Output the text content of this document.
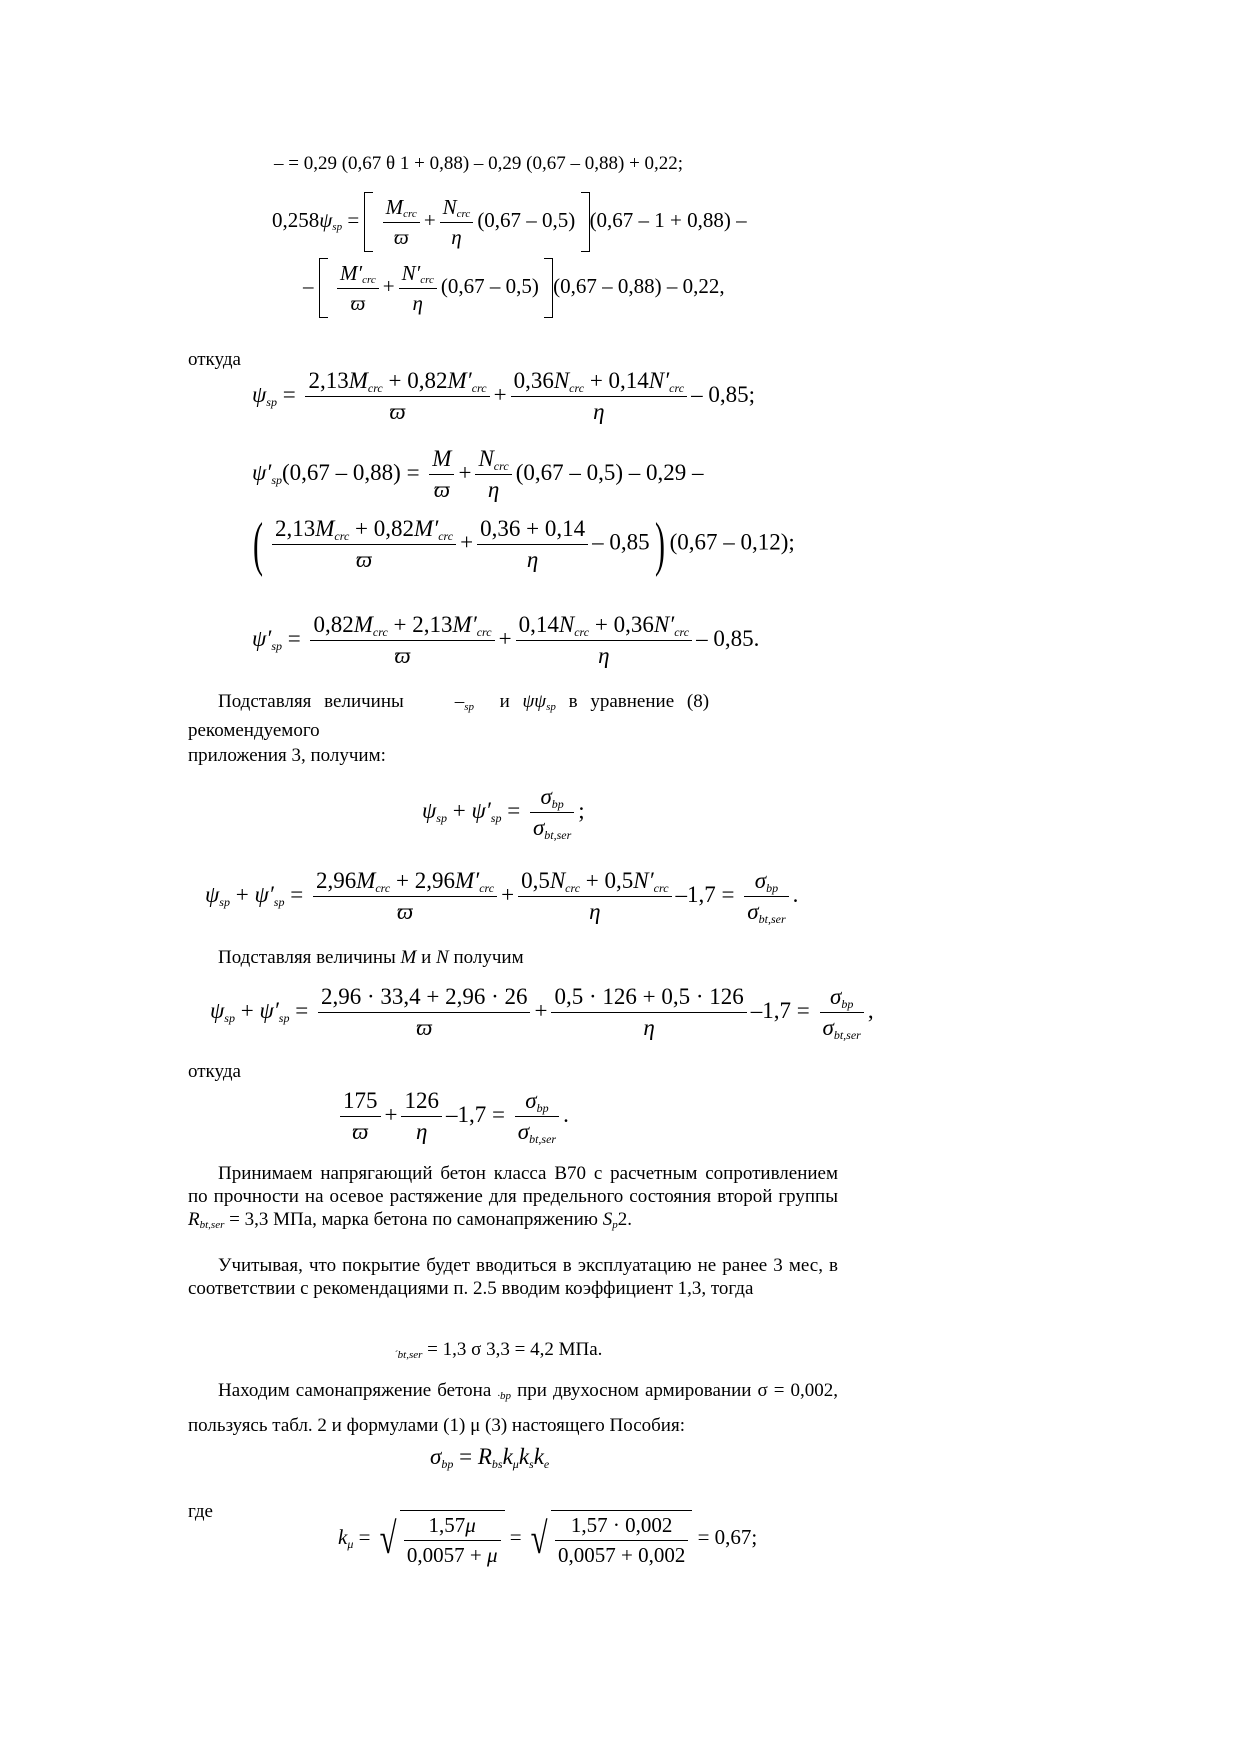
– = 0,29 (0,67 θ 1 + 0,88) – 0,29 (0,67 – 0,88) + 0,22;
$0,258\psi sp = \frac{\text{Mcrc}}{ϖ} + \frac{\text{Ncrc}}{\eta} (0,67 - 0,5)$ (0,67 – 1 + 0,88) –
– $\frac{\text{M′crc}}{ϖ} + \frac{\text{N′crc}}{\eta} (0,67 - 0,5)$ (0,67 – 0,88) – 0,22,
откуда
$\psi sp = \frac{\text{2,13Mcrc + 0,82M′crc}}{ϖ} + \frac{\text{0,36Ncrc + 0,14N′crc}}{\eta} - 0,85$;
$\psi'sp(0,67 - 0,88) = \frac{M}{ϖ} + \frac{\text{Ncrc}}{\eta} (0,67 - 0,5) - 0,29$ –
( $\frac{\text{2,13Mcrc + 0,82M′crc}}{ϖ} + \frac{0,36 + 0,14}{\eta} - 0,85$) (0,67 – 0,12);
$\psi'sp = \frac{\text{0,82Mcrc + 2,13M′crc}}{ϖ} + \frac{\text{0,14Ncrc + 0,36N′crc}}{\eta} - 0,85$.
Подставляя величины    –sp и ψψsp в уравнение (8) рекомендуемого
приложения 3, получим:
$\psi sp + \psi'sp = \frac{\text{σbp}}{\text{σbt,ser}}$ ;
$\psi sp + \psi'sp = \frac{\text{2,96Mcrc + 2,96M′crc}}{ϖ} + \frac{\text{0,5Ncrc + 0,5N′crc}}{\eta} -1,7 = \frac{\text{σbp}}{\text{σbt,ser}}$ .
Подставляя величины M и N получим
$\psi sp + \psi'sp = \frac{2,96 \cdot 33,4 + 2,96 \cdot 26}{ϖ} + \frac{0,5 \cdot 126 + 0,5 \cdot 126}{\eta} -1,7 = \frac{\text{σbp}}{\text{σbt,ser}}$ ,
откуда
$\frac{175}{ϖ} + \frac{126}{\eta} -1,7 = \frac{\text{σbp}}{\text{σbt,ser}}$ .
Принимаем напрягающий бетон класса В70 с расчетным сопротивлением по прочности на осевое растяжение для предельного состояния второй группы Rbt,ser = 3,3 МПа, марка бетона по самонапряжению Sp2.
Учитывая, что покрытие будет вводиться в эксплуатацию не ранее 3 мес, в соответствии с рекомендациями п. 2.5 вводим коэффициент 1,3, тогда
´bt,ser = 1,3 σ 3,3 = 4,2 МПа.
Находим самонапряжение бетона ·bp при двухосном армировании σ = 0,002, пользуясь табл. 2 и формулами (1) μ (3) настоящего Пособия:
σbp = Rbskμkske
где
kμ = √ $\frac{1,57\mu}{0,0057 + \mu}$ = √ $\frac{1,57 \cdot 0,002}{0,0057 + 0,002} = 0,67$;
